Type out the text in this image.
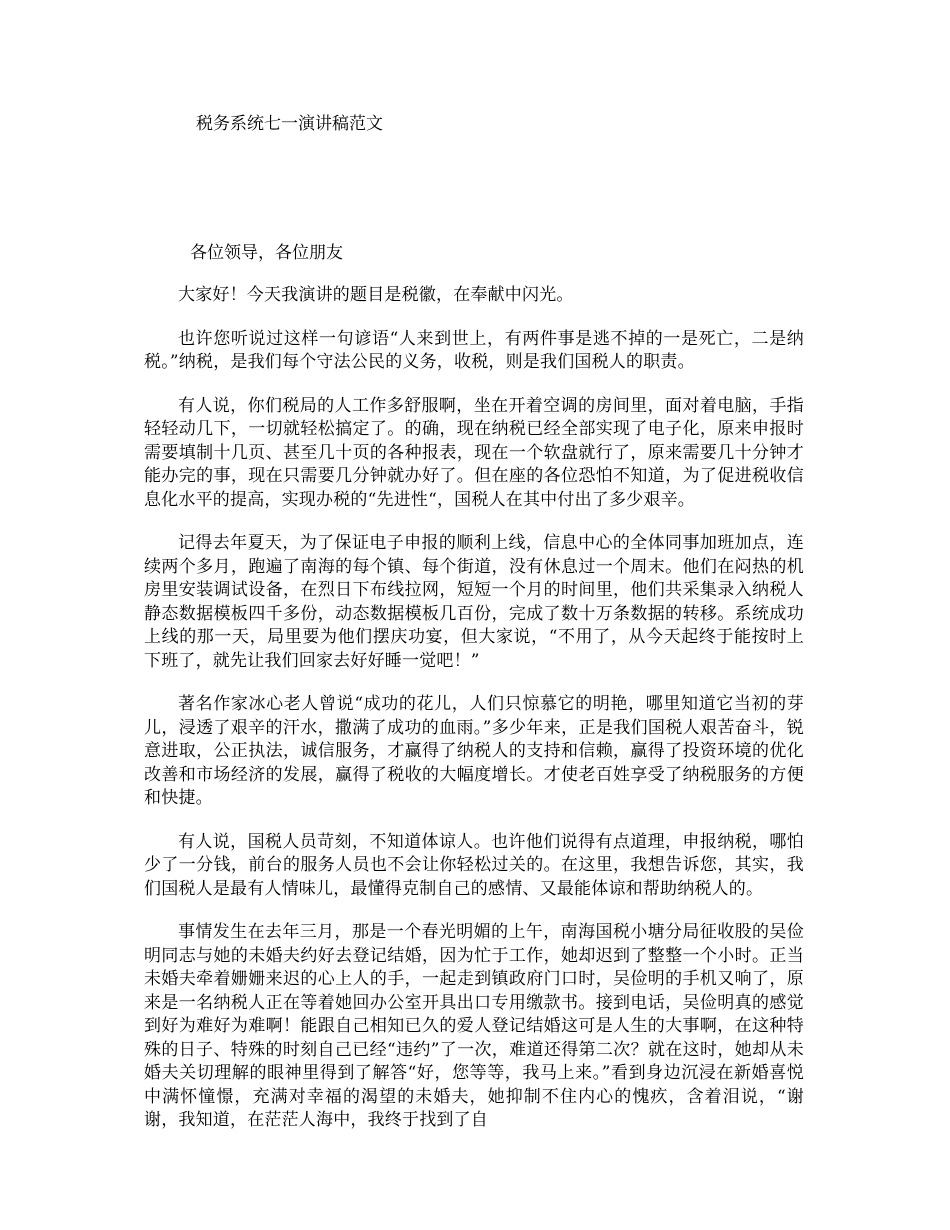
税务系统七一演讲稿范文
各位领导，各位朋友

大家好！今天我演讲的题目是税徽，在奉献中闪光。

也许您听说过这样一句谚语“人来到世上，有两件事是逃不掉的一是死亡，二是纳税。”纳税，是我们每个守法公民的义务，收税，则是我们国税人的职责。

有人说，你们税局的人工作多舒服啊，坐在开着空调的房间里，面对着电脑，手指轻轻动几下，一切就轻松搞定了。的确，现在纳税已经全部实现了电子化，原来申报时需要填制十几页、甚至几十页的各种报表，现在一个软盘就行了，原来需要几十分钟才能办完的事，现在只需要几分钟就办好了。但在座的各位恐怕不知道，为了促进税收信息化水平的提高，实现办税的“先进性“，国税人在其中付出了多少艰辛。

记得去年夏天，为了保证电子申报的顺利上线，信息中心的全体同事加班加点，连续两个多月，跑遍了南海的每个镇、每个街道，没有休息过一个周末。他们在闷热的机房里安装调试设备，在烈日下布线拉网，短短一个月的时间里，他们共采集录入纳税人静态数据模板四千多份，动态数据模板几百份，完成了数十万条数据的转移。系统成功上线的那一天，局里要为他们摆庆功宴，但大家说，“不用了，从今天起终于能按时上下班了，就先让我们回家去好好睡一觉吧！”

著名作家冰心老人曾说“成功的花儿，人们只惊慕它的明艳，哪里知道它当初的芽儿，浸透了艰辛的汗水，撒满了成功的血雨。”多少年来，正是我们国税人艰苦奋斗，锐意进取，公正执法，诚信服务，才赢得了纳税人的支持和信赖，赢得了投资环境的优化改善和市场经济的发展，赢得了税收的大幅度增长。才使老百姓享受了纳税服务的方便和快捷。

有人说，国税人员苛刻，不知道体谅人。也许他们说得有点道理，申报纳税，哪怕少了一分钱，前台的服务人员也不会让你轻松过关的。在这里，我想告诉您，其实，我们国税人是最有人情味儿，最懂得克制自己的感情、又最能体谅和帮助纳税人的。

事情发生在去年三月，那是一个春光明媚的上午，南海国税小塘分局征收股的吴俭明同志与她的未婚夫约好去登记结婚，因为忙于工作，她却迟到了整整一个小时。正当未婚夫牵着姗姗来迟的心上人的手，一起走到镇政府门口时，吴俭明的手机又响了，原来是一名纳税人正在等着她回办公室开具出口专用缴款书。接到电话，吴俭明真的感觉到好为难好为难啊！能跟自己相知已久的爱人登记结婚这可是人生的大事啊，在这种特殊的日子、特殊的时刻自己已经“违约”了一次，难道还得第二次？就在这时，她却从未婚夫关切理解的眼神里得到了解答“好，您等等，我马上来。”看到身边沉浸在新婚喜悦中满怀憧憬，充满对幸福的渴望的未婚夫，她抑制不住内心的愧疚，含着泪说，“谢谢，我知道，在茫茫人海中，我终于找到了自
